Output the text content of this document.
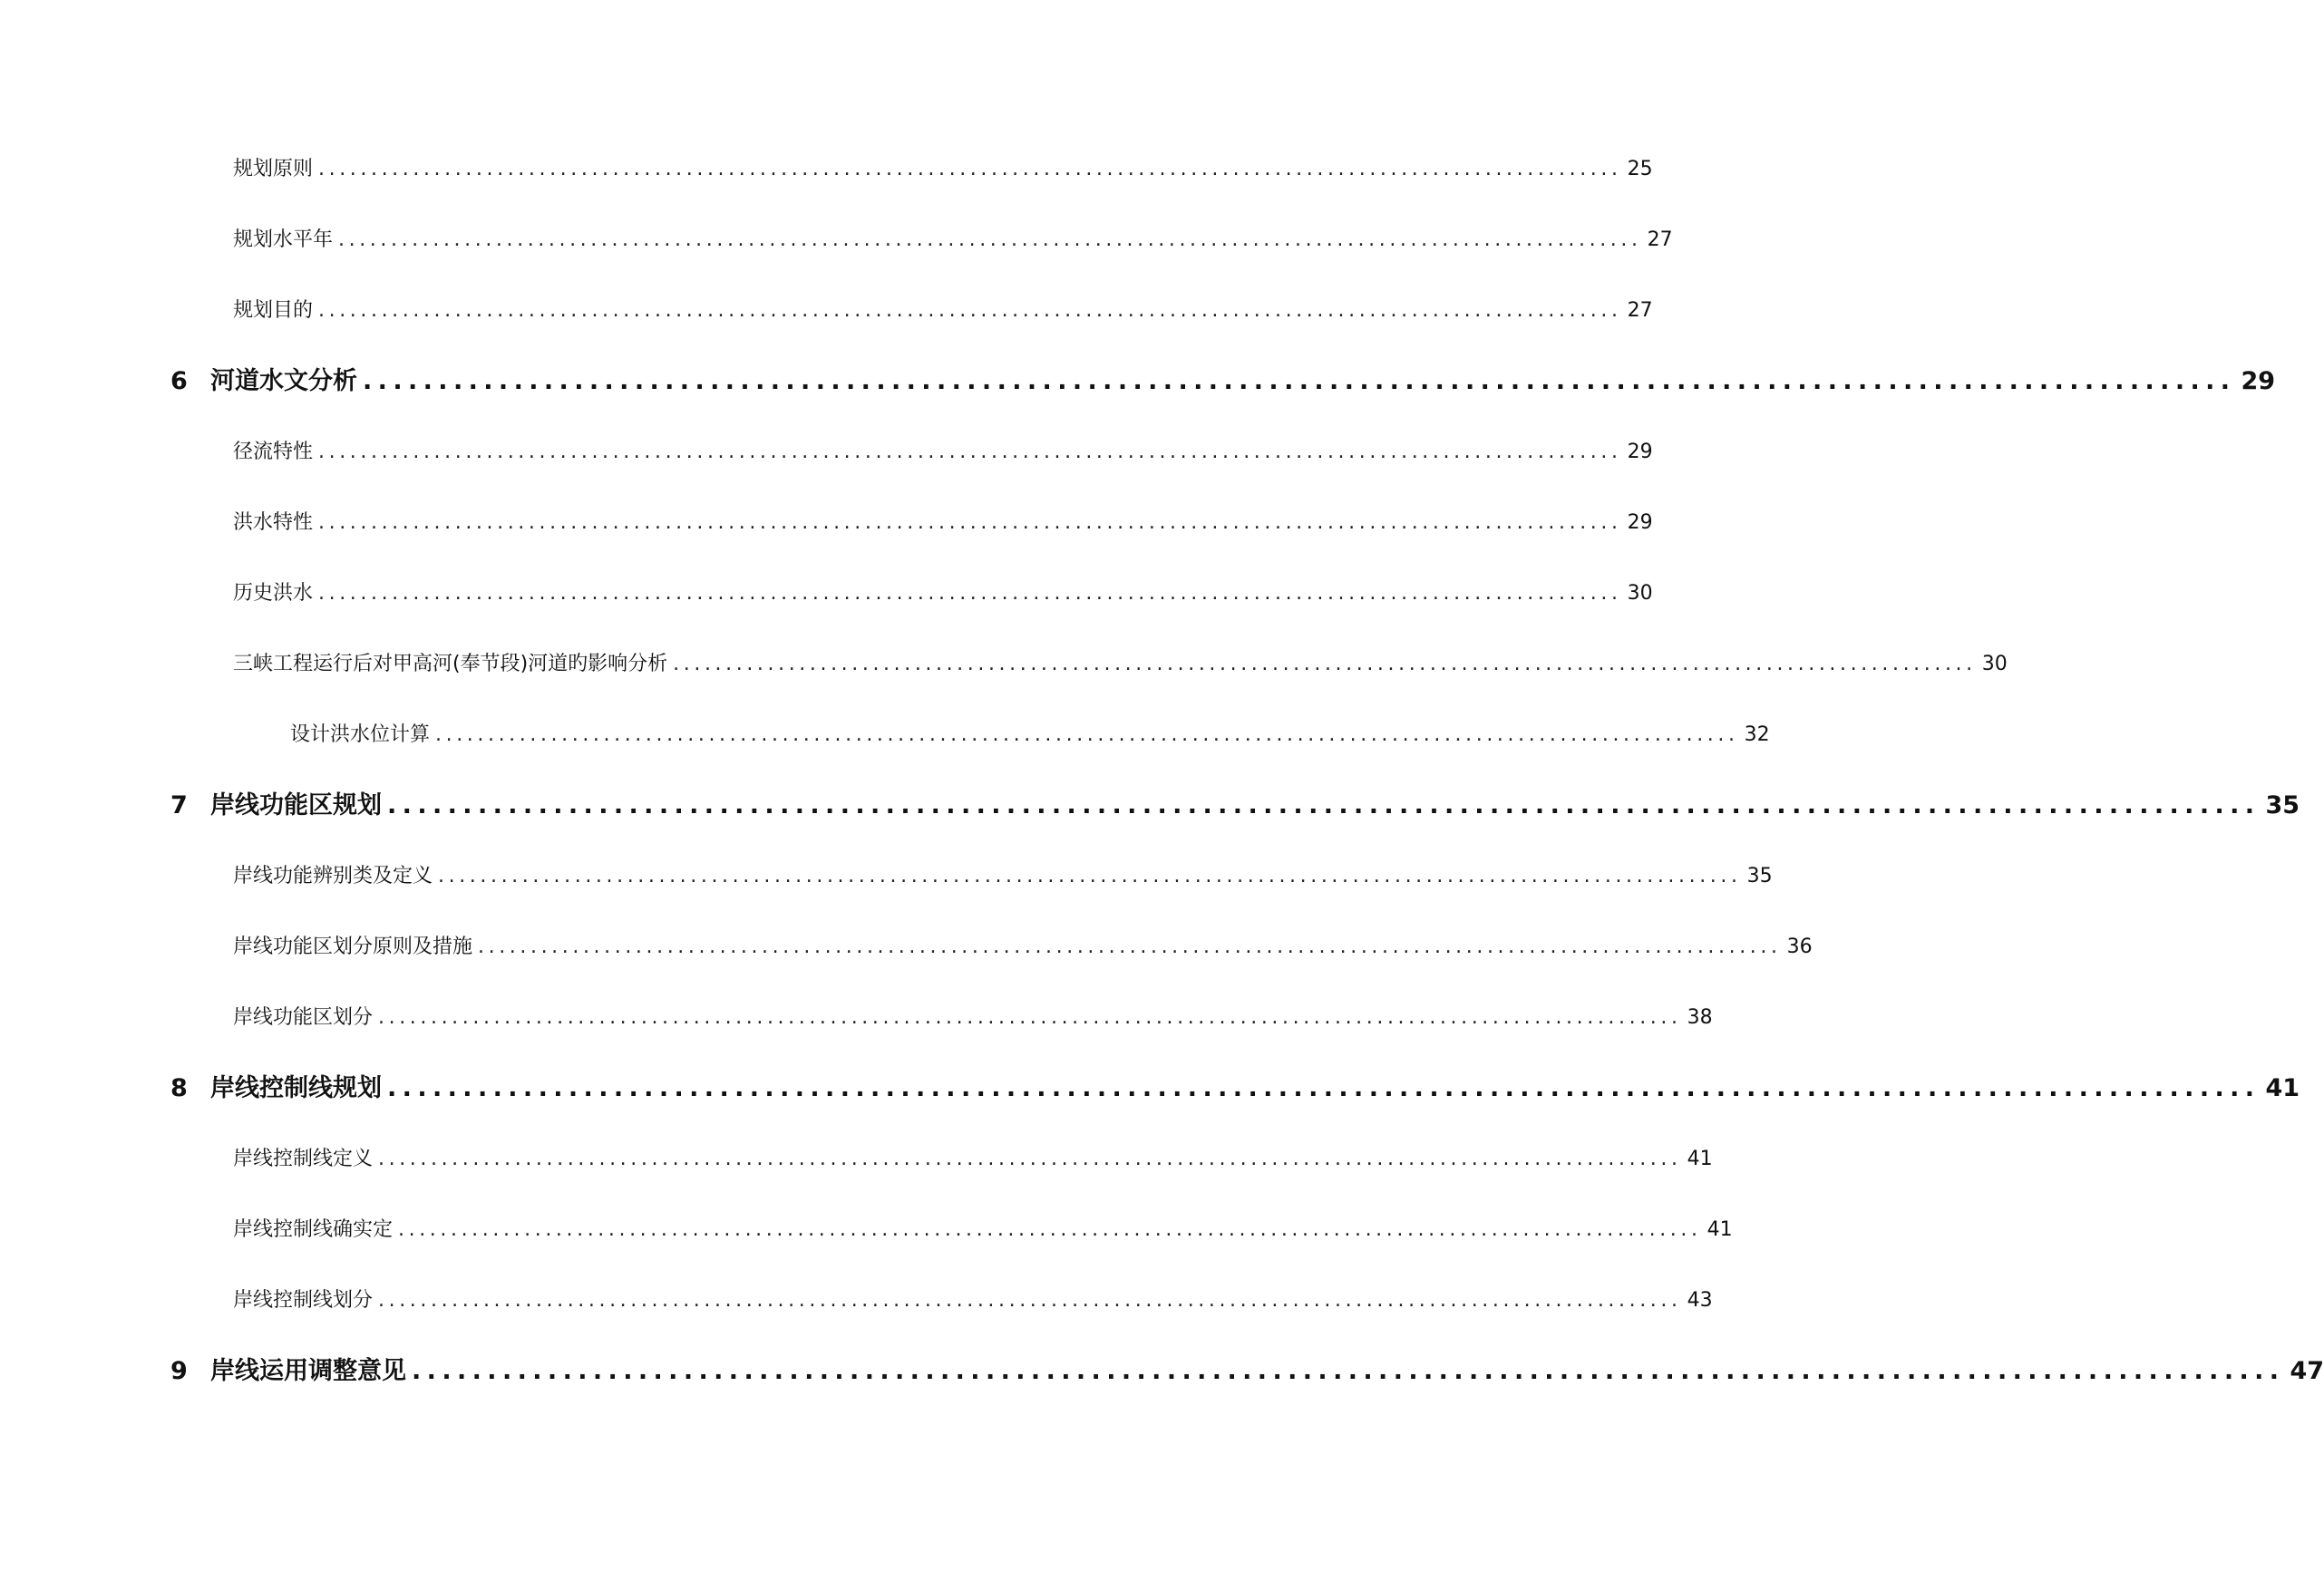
规划原则 ............................................................................................................................ 25
规划水平年 ............................................................................................................................ 27
规划目的 ............................................................................................................................ 27
6 河道水文分析 ............................................................................................................................ 29
径流特性 ............................................................................................................................ 29
洪水特性 ............................................................................................................................ 29
历史洪水 ............................................................................................................................ 30
三峡工程运行后对甲高河(奉节段)河道旳影响分析 ............................................................................................................................ 30
设计洪水位计算 ............................................................................................................................ 32
7 岸线功能区规划 ............................................................................................................................ 35
岸线功能辨别类及定义 ............................................................................................................................ 35
岸线功能区划分原则及措施 ............................................................................................................................ 36
岸线功能区划分 ............................................................................................................................ 38
8 岸线控制线规划 ............................................................................................................................ 41
岸线控制线定义 ............................................................................................................................ 41
岸线控制线确实定 ............................................................................................................................ 41
岸线控制线划分 ............................................................................................................................ 43
9 岸线运用调整意见 ............................................................................................................................ 47
